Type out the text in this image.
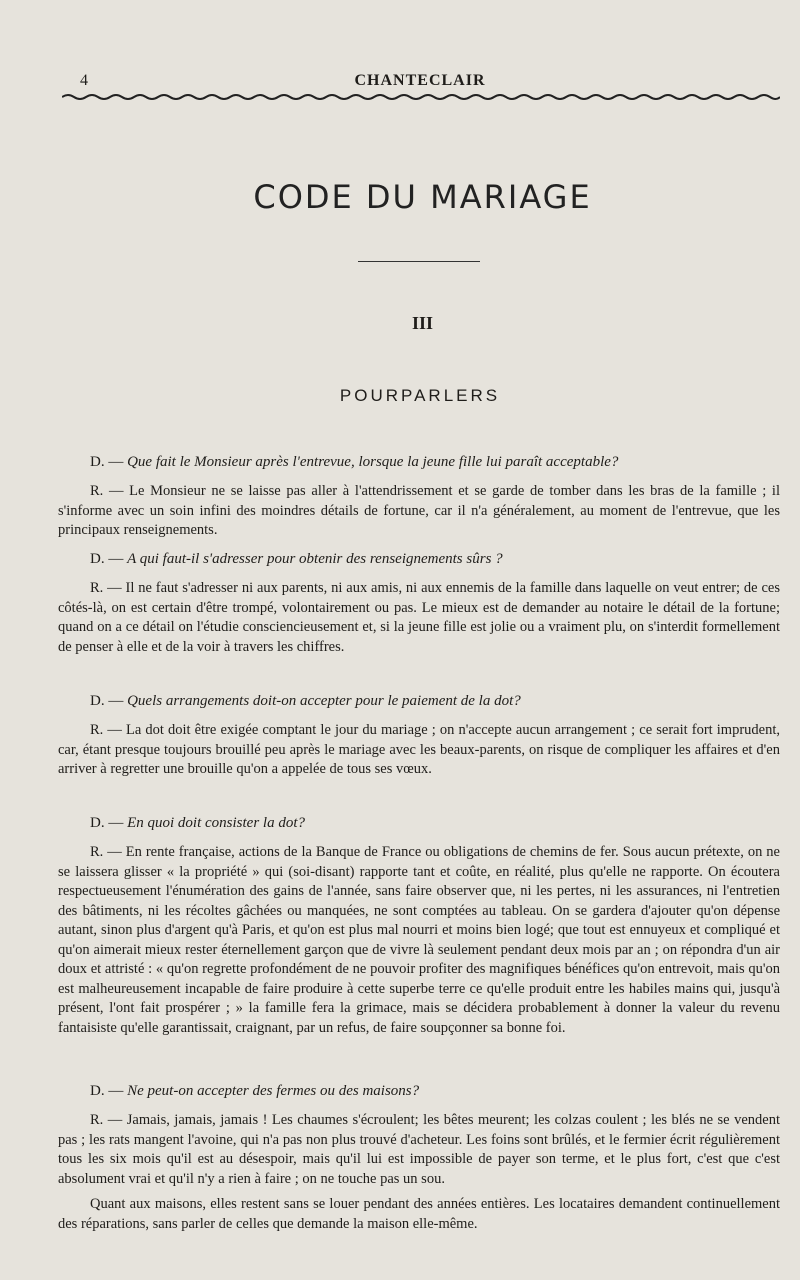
4	CHANTECLAIR
CODE DU MARIAGE
III
POURPARLERS

D. — Que fait le Monsieur après l'entrevue, lorsque la jeune fille lui paraît acceptable?

R. — Le Monsieur ne se laisse pas aller à l'attendrissement et se garde de tomber dans les bras de la famille ; il s'informe avec un soin infini des moindres détails de fortune, car il n'a généralement, au moment de l'entrevue, que les principaux renseignements.

D. — A qui faut-il s'adresser pour obtenir des renseignements sûrs ?

R. — Il ne faut s'adresser ni aux parents, ni aux amis, ni aux ennemis de la famille dans laquelle on veut entrer; de ces côtés-là, on est certain d'être trompé, volontairement ou pas. Le mieux est de demander au notaire le détail de la fortune; quand on a ce détail on l'étudie consciencieusement et, si la jeune fille est jolie ou a vraiment plu, on s'interdit formellement de penser à elle et de la voir à travers les chiffres.

D. — Quels arrangements doit-on accepter pour le paiement de la dot?

R. — La dot doit être exigée comptant le jour du mariage ; on n'accepte aucun arrangement ; ce serait fort imprudent, car, étant presque toujours brouillé peu après le mariage avec les beaux-parents, on risque de compliquer les affaires et d'en arriver à regretter une brouille qu'on a appelée de tous ses vœux.

D. — En quoi doit consister la dot?

R. — En rente française, actions de la Banque de France ou obligations de chemins de fer. Sous aucun prétexte, on ne se laissera glisser « la propriété » qui (soi-disant) rapporte tant et coûte, en réalité, plus qu'elle ne rapporte. On écoutera respectueusement l'énumération des gains de l'année, sans faire observer que, ni les pertes, ni les assurances, ni l'entretien des bâtiments, ni les récoltes gâchées ou manquées, ne sont comptées au tableau. On se gardera d'ajouter qu'on dépense autant, sinon plus d'argent qu'à Paris, et qu'on est plus mal nourri et moins bien logé; que tout est ennuyeux et compliqué et qu'on aimerait mieux rester éternellement garçon que de vivre là seulement pendant deux mois par an ; on répondra d'un air doux et attristé : « qu'on regrette profondément de ne pouvoir profiter des magnifiques bénéfices qu'on entrevoit, mais qu'on est malheureusement incapable de faire produire à cette superbe terre ce qu'elle produit entre les habiles mains qui, jusqu'à présent, l'ont fait prospérer ; » la famille fera la grimace, mais se décidera probablement à donner la valeur du revenu fantaisiste qu'elle garantissait, craignant, par un refus, de faire soupçonner sa bonne foi.

D. — Ne peut-on accepter des fermes ou des maisons?

R. — Jamais, jamais, jamais ! Les chaumes s'écroulent; les bêtes meurent; les colzas coulent ; les blés ne se vendent pas ; les rats mangent l'avoine, qui n'a pas non plus trouvé d'acheteur. Les foins sont brûlés, et le fermier écrit régulièrement tous les six mois qu'il est au désespoir, mais qu'il lui est impossible de payer son terme, et le plus fort, c'est que c'est absolument vrai et qu'il n'y a rien à faire ; on ne touche pas un sou.

Quant aux maisons, elles restent sans se louer pendant des années entières. Les locataires demandent continuellement des réparations, sans parler de celles que demande la maison elle-même.
